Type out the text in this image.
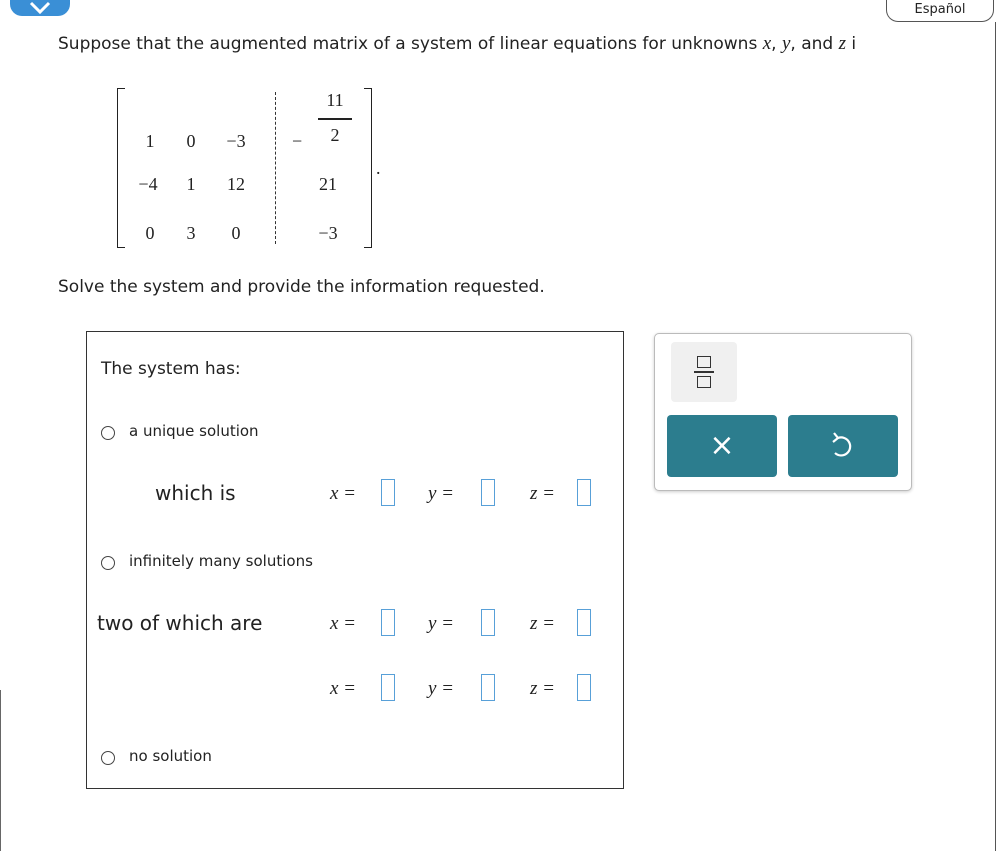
Español
Suppose that the augmented matrix of a system of linear equations for unknowns x, y, and z i
1	0	−3	−
11
2
−4	1	12	21
0	3	0	−3
.
Solve the system and provide the information requested.
The system has:
a unique solution
which is	x =	y =	z =
infinitely many solutions
two of which are	x =	y =	z =
x =	y =	z =
no solution
×
